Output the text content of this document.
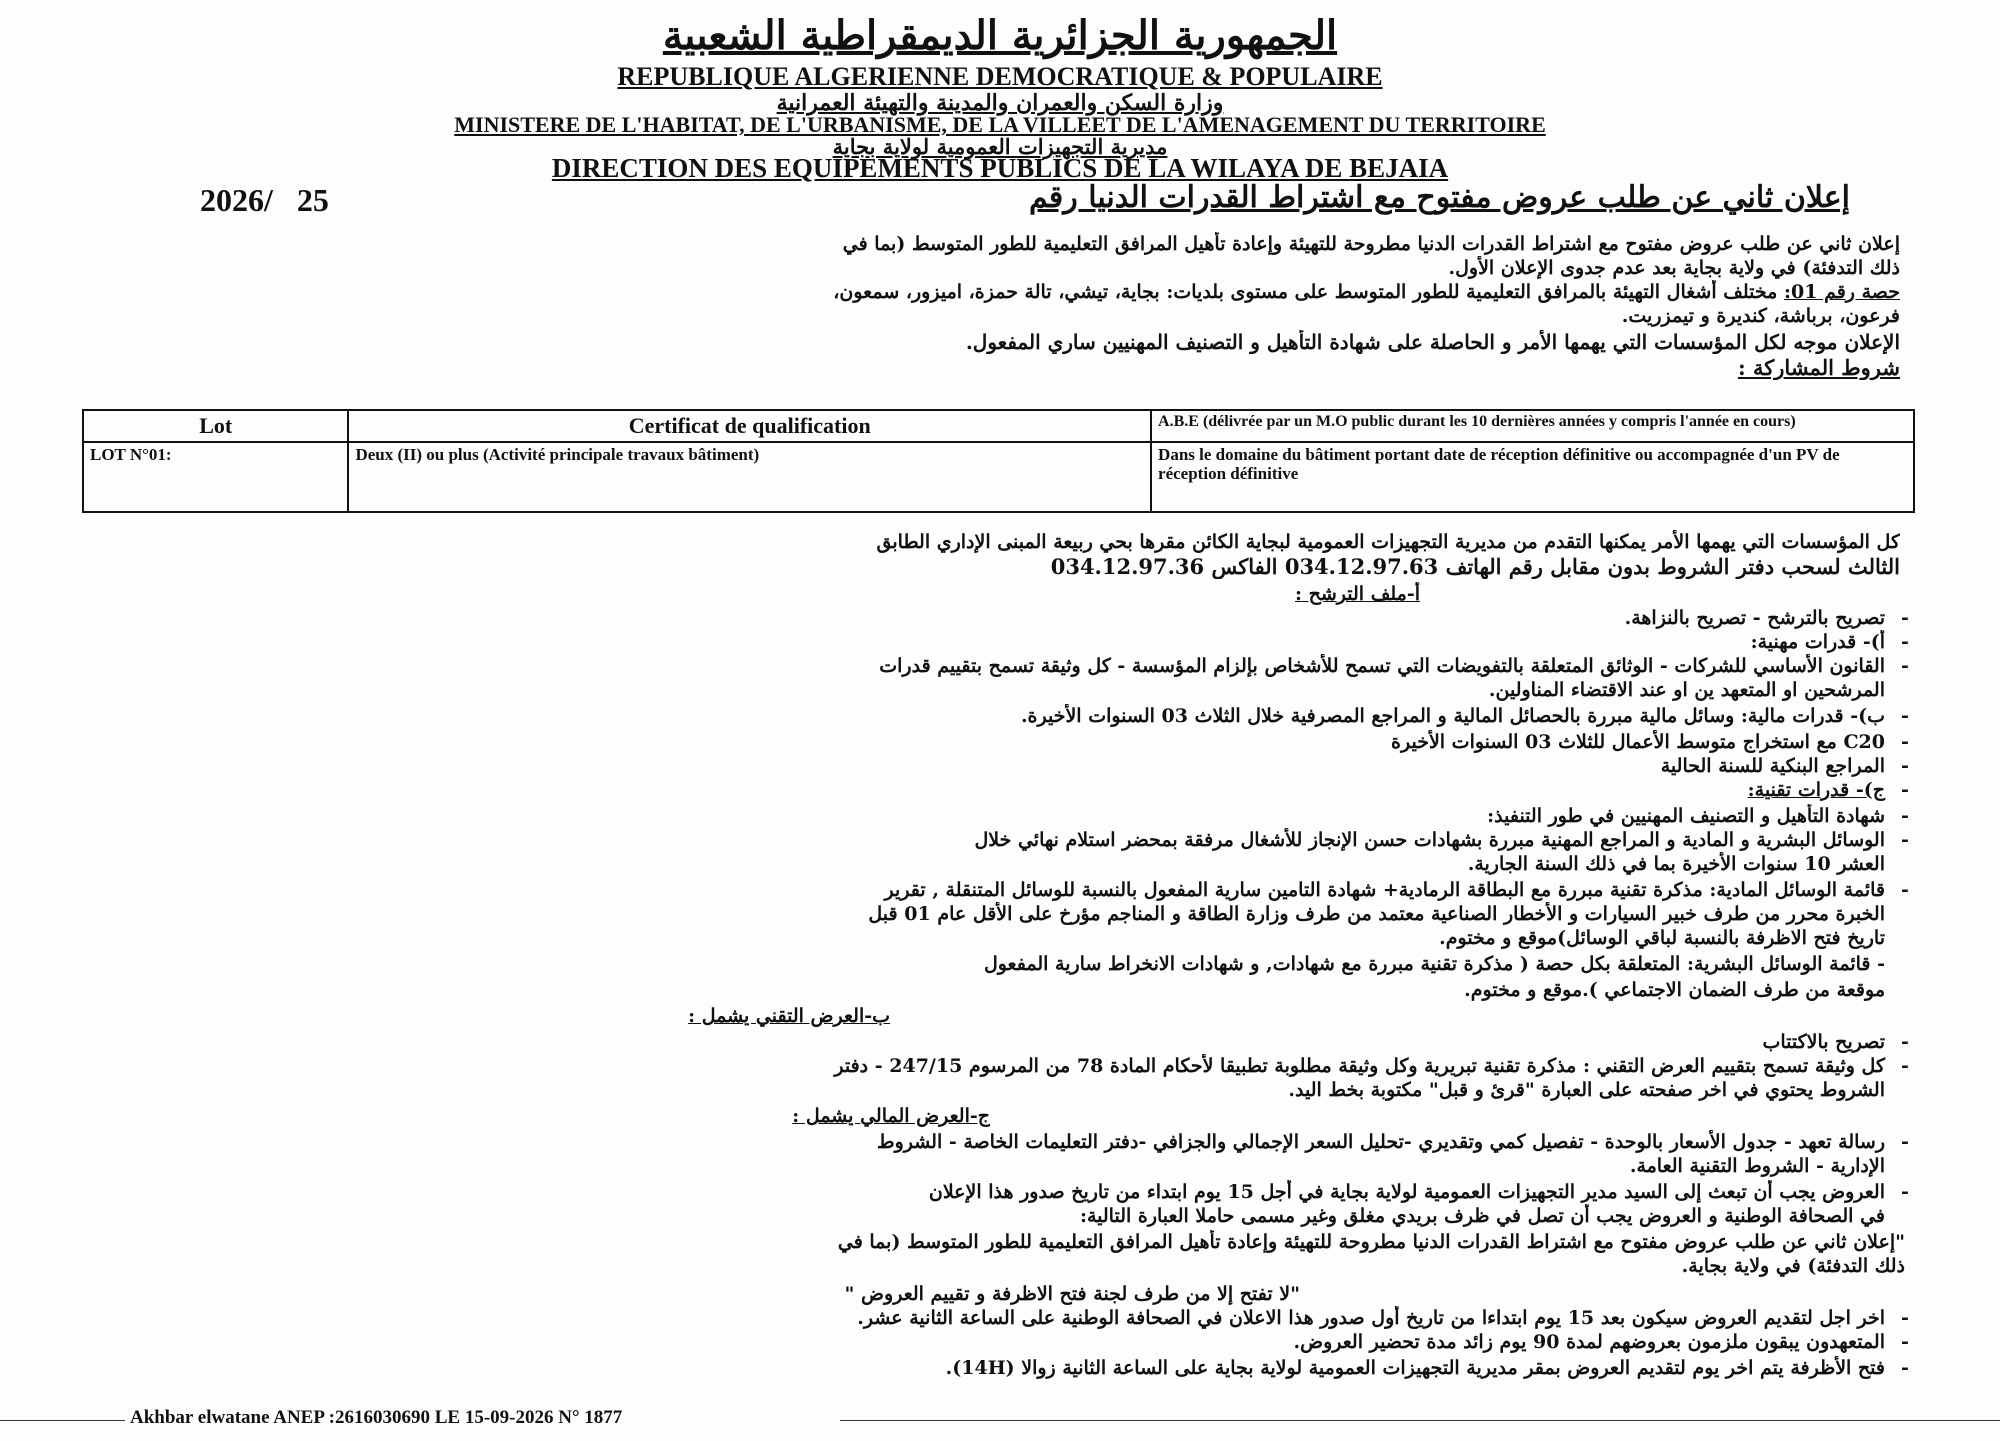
الجمهورية الجزائرية الديمقراطية الشعبية
REPUBLIQUE ALGERIENNE DEMOCRATIQUE & POPULAIRE
وزارة السكن والعمران والمدينة والتهيئة العمرانية
MINISTERE DE L'HABITAT, DE L'URBANISME, DE LA VILLEET DE L'AMENAGEMENT DU TERRITOIRE
مديرية التجهيزات العمومية لولاية بجاية
DIRECTION DES EQUIPEMENTS PUBLICS DE LA WILAYA DE BEJAIA
2026/ 25	إعلان ثاني عن طلب عروض مفتوح مع اشتراط القدرات الدنيا رقم
إعلان ثاني عن طلب عروض مفتوح مع اشتراط القدرات الدنيا مطروحة للتهيئة وإعادة تأهيل المرافق التعليمية للطور المتوسط (بما في
ذلك التدفئة) في ولاية بجاية بعد عدم جدوى الإعلان الأول.
حصة رقم 01: مختلف أشغال التهيئة بالمرافق التعليمية للطور المتوسط على مستوى بلديات: بجاية، تيشي، تالة حمزة، اميزور، سمعون،
فرعون، برباشة، كنديرة و تيمزريت.
الإعلان موجه لكل المؤسسات التي يهمها الأمر و الحاصلة على شهادة التأهيل و التصنيف المهنيين ساري المفعول.
شروط المشاركة :
Lot	Certificat de qualification	A.B.E (délivrée par un M.O public durant les 10 dernières années y compris l'année en cours)
LOT N°01:	Deux (II) ou plus (Activité principale travaux bâtiment)	Dans le domaine du bâtiment portant date de réception définitive ou accompagnée d'un PV de réception définitive
كل المؤسسات التي يهمها الأمر يمكنها التقدم من مديرية التجهيزات العمومية لبجاية الكائن مقرها بحي ربيعة المبنى الإداري الطابق
الثالث لسحب دفتر الشروط بدون مقابل رقم الهاتف 034.12.97.63 الفاكس 034.12.97.36
أ-ملف الترشح :
-تصريح بالترشح - تصريح بالنزاهة.
-أ)- قدرات مهنية:
-القانون الأساسي للشركات - الوثائق المتعلقة بالتفويضات التي تسمح للأشخاص بإلزام المؤسسة - كل وثيقة تسمح بتقييم قدرات
المرشحين او المتعهد ين او عند الاقتضاء المناولين.
-ب)- قدرات مالية: وسائل مالية مبررة بالحصائل المالية و المراجع المصرفية خلال الثلاث 03 السنوات الأخيرة.
-C20 مع استخراج متوسط الأعمال للثلاث 03 السنوات الأخيرة
-المراجع البنكية للسنة الحالية
-ج)- قدرات تقنية:
-شهادة التأهيل و التصنيف المهنيين في طور التنفيذ:
-الوسائل البشرية و المادية و المراجع المهنية مبررة بشهادات حسن الإنجاز للأشغال مرفقة بمحضر استلام نهائي خلال
العشر 10 سنوات الأخيرة بما في ذلك السنة الجارية.
-قائمة الوسائل المادية: مذكرة تقنية مبررة مع البطاقة الرمادية+ شهادة التامين سارية المفعول بالنسبة للوسائل المتنقلة , تقرير
الخبرة محرر من طرف خبير السيارات و الأخطار الصناعية معتمد من طرف وزارة الطاقة و المناجم مؤرخ على الأقل عام 01 قبل
تاريخ فتح الاظرفة بالنسبة لباقي الوسائل)موقع و مختوم.
- قائمة الوسائل البشرية: المتعلقة بكل حصة ( مذكرة تقنية مبررة مع شهادات, و شهادات الانخراط سارية المفعول
موقعة من طرف الضمان الاجتماعي ).موقع و مختوم.
ب-العرض التقني يشمل :
-تصريح بالاكتتاب
-كل وثيقة تسمح بتقييم العرض التقني : مذكرة تقنية تبريرية وكل وثيقة مطلوبة تطبيقا لأحكام المادة 78 من المرسوم 247/15 - دفتر
الشروط يحتوي في اخر صفحته على العبارة "قرئ و قبل" مكتوبة بخط اليد.
ج-العرض المالي يشمل :
-رسالة تعهد - جدول الأسعار بالوحدة - تفصيل كمي وتقديري -تحليل السعر الإجمالي والجزافي -دفتر التعليمات الخاصة - الشروط
الإدارية - الشروط التقنية العامة.
-العروض يجب أن تبعث إلى السيد مدير التجهيزات العمومية لولاية بجاية في أجل 15 يوم ابتداء من تاريخ صدور هذا الإعلان
في الصحافة الوطنية و العروض يجب أن تصل في ظرف بريدي مغلق وغير مسمى حاملا العبارة التالية:
"إعلان ثاني عن طلب عروض مفتوح مع اشتراط القدرات الدنيا مطروحة للتهيئة وإعادة تأهيل المرافق التعليمية للطور المتوسط (بما في
ذلك التدفئة) في ولاية بجاية.
"لا تفتح إلا من طرف لجنة فتح الاظرفة و تقييم العروض "
-اخر اجل لتقديم العروض سيكون بعد 15 يوم ابتداءا من تاريخ أول صدور هذا الاعلان في الصحافة الوطنية على الساعة الثانية عشر.
-المتعهدون يبقون ملزمون بعروضهم لمدة 90 يوم زائد مدة تحضير العروض.
-فتح الأظرفة يتم اخر يوم لتقديم العروض بمقر مديرية التجهيزات العمومية لولاية بجاية على الساعة الثانية زوالا (14H).
Akhbar elwatane ANEP :2616030690 LE 15-09-2026 N° 1877
